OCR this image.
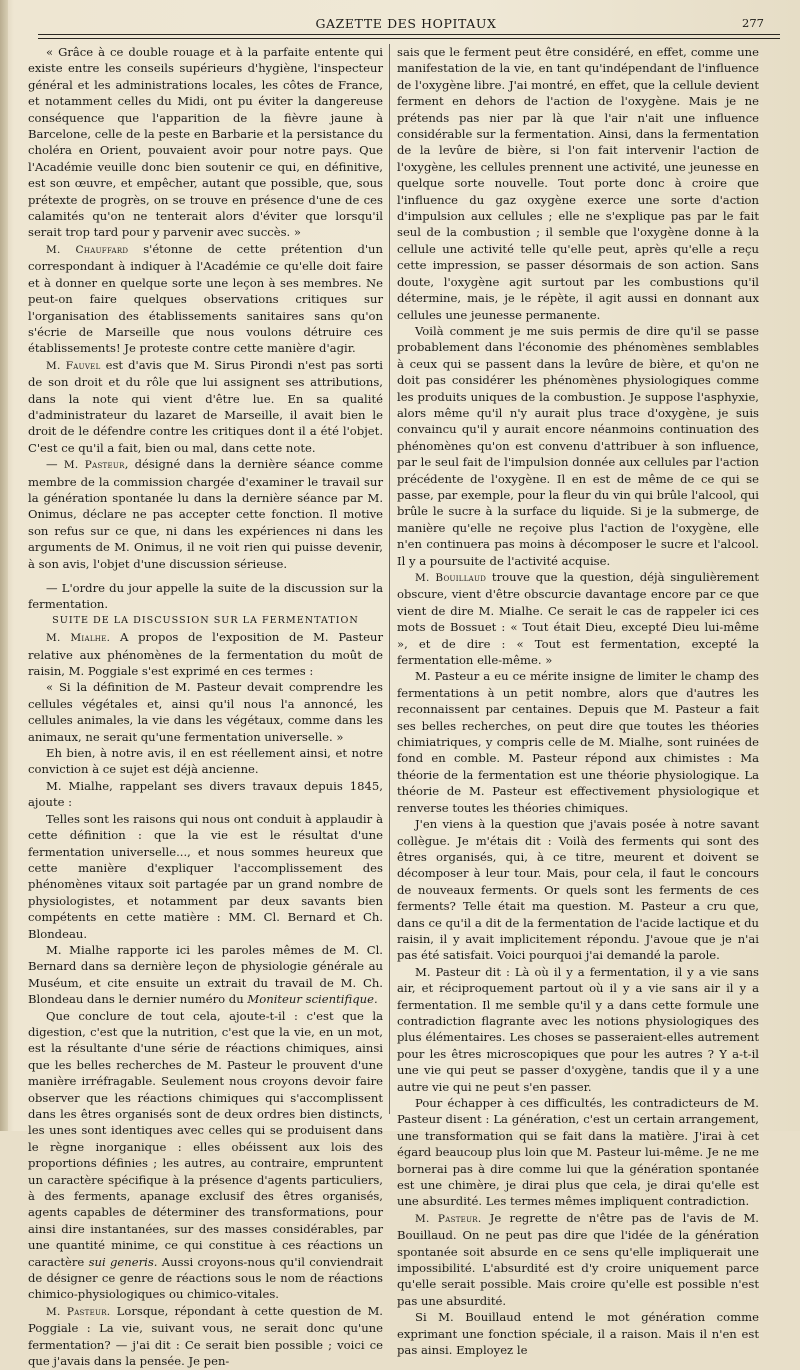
GAZETTE DES HOPITAUX	277

« Grâce à ce double rouage et à la parfaite entente qui existe entre les conseils supérieurs d'hygiène, l'inspecteur général et les administrations locales, les côtes de France, et notamment celles du Midi, ont pu éviter la dangereuse conséquence que l'apparition de la fièvre jaune à Barcelone, celle de la peste en Barbarie et la persistance du choléra en Orient, pouvaient avoir pour notre pays. Que l'Académie veuille donc bien soutenir ce qui, en définitive, est son œuvre, et empêcher, autant que possible, que, sous prétexte de progrès, on se trouve en présence d'une de ces calamités qu'on ne tenterait alors d'éviter que lorsqu'il serait trop tard pour y parvenir avec succès. »

M. Chauffard s'étonne de cette prétention d'un correspondant à indiquer à l'Académie ce qu'elle doit faire et à donner en quelque sorte une leçon à ses membres. Ne peut-on faire quelques observations critiques sur l'organisation des établissements sanitaires sans qu'on s'écrie de Marseille que nous voulons détruire ces établissements! Je proteste contre cette manière d'agir.

M. Fauvel est d'avis que M. Sirus Pirondi n'est pas sorti de son droit et du rôle que lui assignent ses attributions, dans la note qui vient d'être lue. En sa qualité d'administrateur du lazaret de Marseille, il avait bien le droit de le défendre contre les critiques dont il a été l'objet. C'est ce qu'il a fait, bien ou mal, dans cette note.

— M. Pasteur, désigné dans la dernière séance comme membre de la commission chargée d'examiner le travail sur la génération spontanée lu dans la dernière séance par M. Onimus, déclare ne pas accepter cette fonction. Il motive son refus sur ce que, ni dans les expériences ni dans les arguments de M. Onimus, il ne voit rien qui puisse devenir, à son avis, l'objet d'une discussion sérieuse.

— L'ordre du jour appelle la suite de la discussion sur la fermentation.

SUITE DE LA DISCUSSION SUR LA FERMENTATION

M. Mialhe. A propos de l'exposition de M. Pasteur relative aux phénomènes de la fermentation du moût de raisin, M. Poggiale s'est exprimé en ces termes :

« Si la définition de M. Pasteur devait comprendre les cellules végétales et, ainsi qu'il nous l'a annoncé, les cellules animales, la vie dans les végétaux, comme dans les animaux, ne serait qu'une fermentation universelle. »

Eh bien, à notre avis, il en est réellement ainsi, et notre conviction à ce sujet est déjà ancienne.

M. Mialhe, rappelant ses divers travaux depuis 1845, ajoute :

Telles sont les raisons qui nous ont conduit à applaudir à cette définition : que la vie est le résultat d'une fermentation universelle..., et nous sommes heureux que cette manière d'expliquer l'accomplissement des phénomènes vitaux soit partagée par un grand nombre de physiologistes, et notamment par deux savants bien compétents en cette matière : MM. Cl. Bernard et Ch. Blondeau.

M. Mialhe rapporte ici les paroles mêmes de M. Cl. Bernard dans sa dernière leçon de physiologie générale au Muséum, et cite ensuite un extrait du travail de M. Ch. Blondeau dans le dernier numéro du Moniteur scientifique.

Que conclure de tout cela, ajoute-t-il : c'est que la digestion, c'est que la nutrition, c'est que la vie, en un mot, est la résultante d'une série de réactions chimiques, ainsi que les belles recherches de M. Pasteur le prouvent d'une manière irréfragable. Seulement nous croyons devoir faire observer que les réactions chimiques qui s'accomplissent dans les êtres organisés sont de deux ordres bien distincts, les unes sont identiques avec celles qui se produisent dans le règne inorganique : elles obéissent aux lois des proportions définies ; les autres, au contraire, empruntent un caractère spécifique à la présence d'agents particuliers, à des ferments, apanage exclusif des êtres organisés, agents capables de déterminer des transformations, pour ainsi dire instantanées, sur des masses considérables, par une quantité minime, ce qui constitue à ces réactions un caractère sui generis. Aussi croyons-nous qu'il conviendrait de désigner ce genre de réactions sous le nom de réactions chimico-physiologiques ou chimico-vitales.

M. Pasteur. Lorsque, répondant à cette question de M. Poggiale : La vie, suivant vous, ne serait donc qu'une fermentation? — j'ai dit : Ce serait bien possible ; voici ce que j'avais dans la pensée. Je pen-

sais que le ferment peut être considéré, en effet, comme une manifestation de la vie, en tant qu'indépendant de l'influence de l'oxygène libre. J'ai montré, en effet, que la cellule devient ferment en dehors de l'action de l'oxygène. Mais je ne prétends pas nier par là que l'air n'ait une influence considérable sur la fermentation. Ainsi, dans la fermentation de la levûre de bière, si l'on fait intervenir l'action de l'oxygène, les cellules prennent une activité, une jeunesse en quelque sorte nouvelle. Tout porte donc à croire que l'influence du gaz oxygène exerce une sorte d'action d'impulsion aux cellules ; elle ne s'explique pas par le fait seul de la combustion ; il semble que l'oxygène donne à la cellule une activité telle qu'elle peut, après qu'elle a reçu cette impression, se passer désormais de son action. Sans doute, l'oxygène agit surtout par les combustions qu'il détermine, mais, je le répète, il agit aussi en donnant aux cellules une jeunesse permanente.

Voilà comment je me suis permis de dire qu'il se passe probablement dans l'économie des phénomènes semblables à ceux qui se passent dans la levûre de bière, et qu'on ne doit pas considérer les phénomènes physiologiques comme les produits uniques de la combustion. Je suppose l'asphyxie, alors même qu'il n'y aurait plus trace d'oxygène, je suis convaincu qu'il y aurait encore néanmoins continuation des phénomènes qu'on est convenu d'attribuer à son influence, par le seul fait de l'impulsion donnée aux cellules par l'action précédente de l'oxygène. Il en est de même de ce qui se passe, par exemple, pour la fleur du vin qui brûle l'alcool, qui brûle le sucre à la surface du liquide. Si je la submerge, de manière qu'elle ne reçoive plus l'action de l'oxygène, elle n'en continuera pas moins à décomposer le sucre et l'alcool. Il y a poursuite de l'activité acquise.

M. Bouillaud trouve que la question, déjà singulièrement obscure, vient d'être obscurcie davantage encore par ce que vient de dire M. Mialhe. Ce serait le cas de rappeler ici ces mots de Bossuet : « Tout était Dieu, excepté Dieu lui-même », et de dire : « Tout est fermentation, excepté la fermentation elle-même. »

M. Pasteur a eu ce mérite insigne de limiter le champ des fermentations à un petit nombre, alors que d'autres les reconnaissent par centaines. Depuis que M. Pasteur a fait ses belles recherches, on peut dire que toutes les théories chimiatriques, y compris celle de M. Mialhe, sont ruinées de fond en comble. M. Pasteur répond aux chimistes : Ma théorie de la fermentation est une théorie physiologique. La théorie de M. Pasteur est effectivement physiologique et renverse toutes les théories chimiques.

J'en viens à la question que j'avais posée à notre savant collègue. Je m'étais dit : Voilà des ferments qui sont des êtres organisés, qui, à ce titre, meurent et doivent se décomposer à leur tour. Mais, pour cela, il faut le concours de nouveaux ferments. Or quels sont les ferments de ces ferments? Telle était ma question. M. Pasteur a cru que, dans ce qu'il a dit de la fermentation de l'acide lactique et du raisin, il y avait implicitement répondu. J'avoue que je n'ai pas été satisfait. Voici pourquoi j'ai demandé la parole.

M. Pasteur dit : Là où il y a fermentation, il y a vie sans air, et réciproquement partout où il y a vie sans air il y a fermentation. Il me semble qu'il y a dans cette formule une contradiction flagrante avec les notions physiologiques des plus élémentaires. Les choses se passeraient-elles autrement pour les êtres microscopiques que pour les autres ? Y a-t-il une vie qui peut se passer d'oxygène, tandis que il y a une autre vie qui ne peut s'en passer.

Pour échapper à ces difficultés, les contradicteurs de M. Pasteur disent : La génération, c'est un certain arrangement, une transformation qui se fait dans la matière. J'irai à cet égard beaucoup plus loin que M. Pasteur lui-même. Je ne me bornerai pas à dire comme lui que la génération spontanée est une chimère, je dirai plus que cela, je dirai qu'elle est une absurdité. Les termes mêmes impliquent contradiction.

M. Pasteur. Je regrette de n'être pas de l'avis de M. Bouillaud. On ne peut pas dire que l'idée de la génération spontanée soit absurde en ce sens qu'elle impliquerait une impossibilité. L'absurdité est d'y croire uniquement parce qu'elle serait possible. Mais croire qu'elle est possible n'est pas une absurdité.

Si M. Bouillaud entend le mot génération comme exprimant une fonction spéciale, il a raison. Mais il n'en est pas ainsi. Employez le
